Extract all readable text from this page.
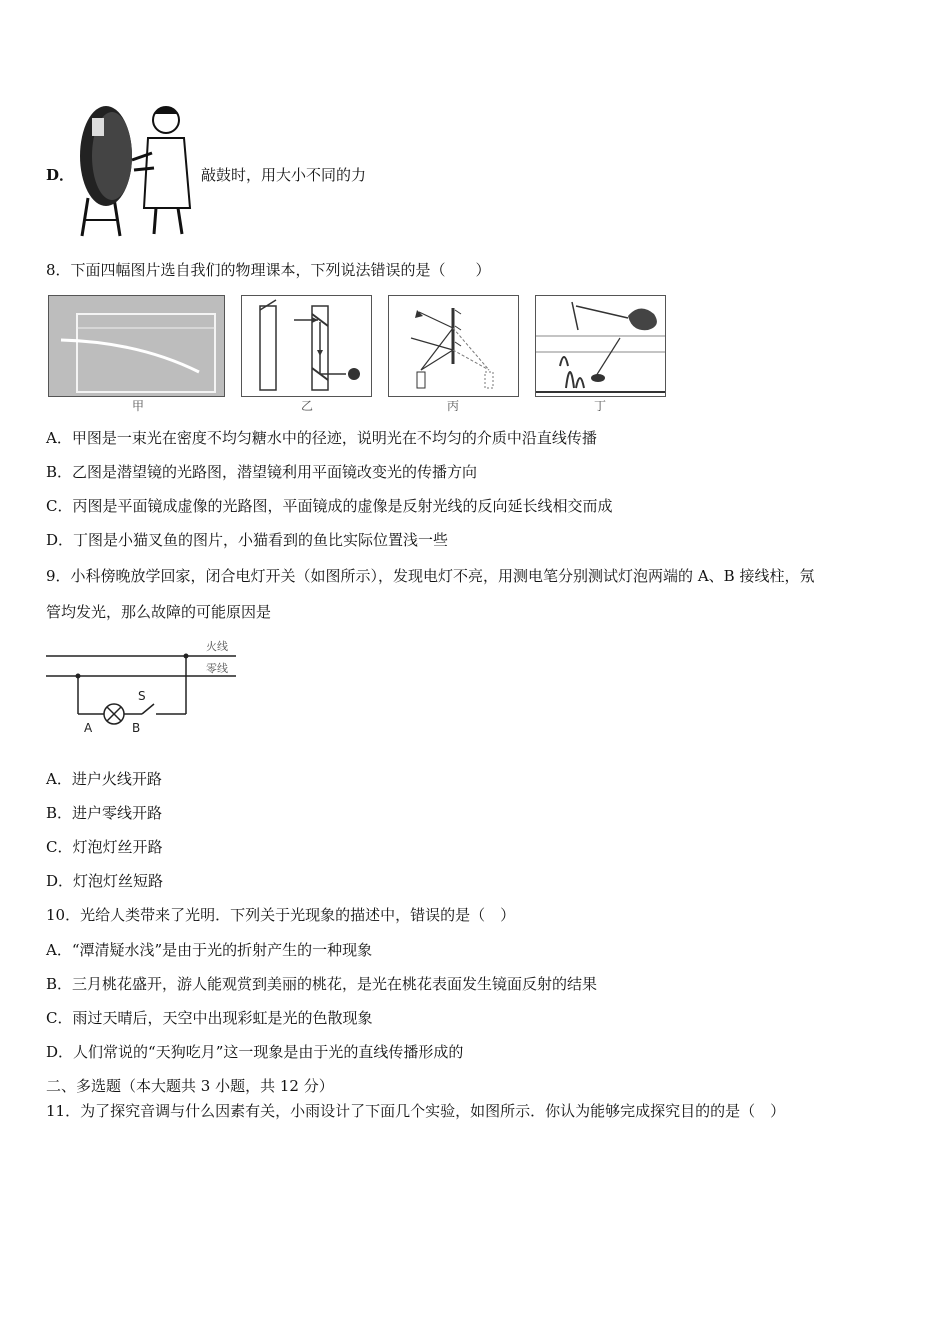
D．	敲鼓时，用大小不同的力
8．下面四幅图片选自我们的物理课本，下列说法错误的是（　　）
甲	乙	丙	丁
A．甲图是一束光在密度不均匀糖水中的径迹，说明光在不均匀的介质中沿直线传播
B．乙图是潜望镜的光路图，潜望镜利用平面镜改变光的传播方向
C．丙图是平面镜成虚像的光路图，平面镜成的虚像是反射光线的反向延长线相交而成
D．丁图是小猫叉鱼的图片，小猫看到的鱼比实际位置浅一些
9．小科傍晚放学回家，闭合电灯开关（如图所示），发现电灯不亮，用测电笔分别测试灯泡两端的 A、B 接线柱，氖
管均发光，那么故障的可能原因是
火线
零线
S
A	B
A．进户火线开路
B．进户零线开路
C．灯泡灯丝开路
D．灯泡灯丝短路
10．光给人类带来了光明．下列关于光现象的描述中，错误的是（　）
A．“潭清疑水浅”是由于光的折射产生的一种现象
B．三月桃花盛开，游人能观赏到美丽的桃花，是光在桃花表面发生镜面反射的结果
C．雨过天晴后，天空中出现彩虹是光的色散现象
D．人们常说的“天狗吃月”这一现象是由于光的直线传播形成的
二、多选题（本大题共 3 小题，共 12 分）
11．为了探究音调与什么因素有关，小雨设计了下面几个实验，如图所示．你认为能够完成探究目的的是（　）
